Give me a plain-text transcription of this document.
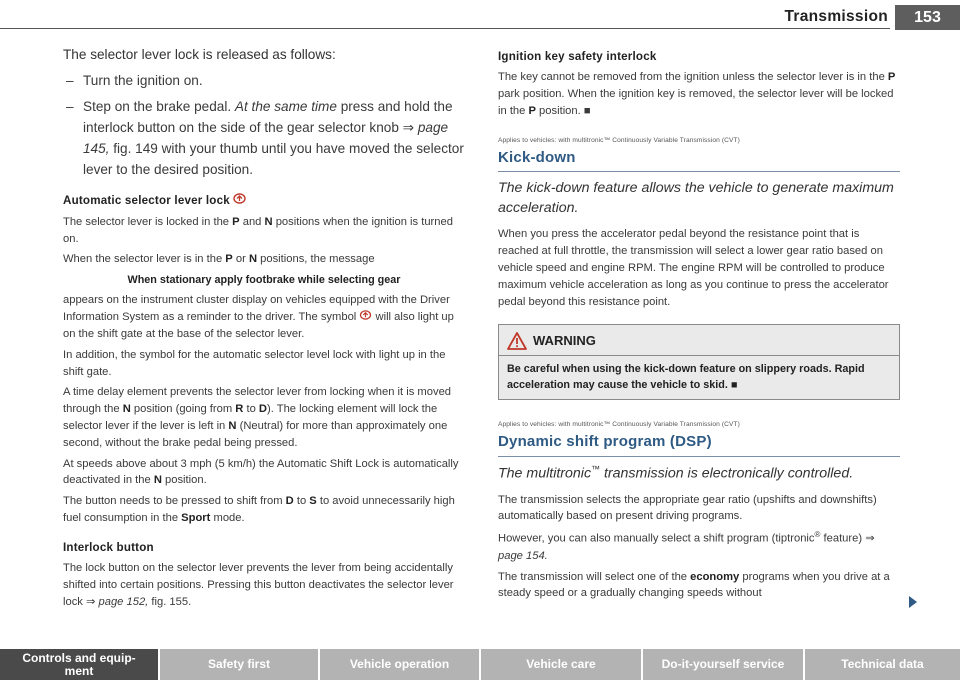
Transmission	153
The selector lever lock is released as follows:
– Turn the ignition on.
– Step on the brake pedal. At the same time press and hold the interlock button on the side of the gear selector knob ⇒ page 145, fig. 149 with your thumb until you have moved the selector lever to the desired position.
Automatic selector lever lock
The selector lever is locked in the P and N positions when the ignition is turned on.
When the selector lever is in the P or N positions, the message
When stationary apply footbrake while selecting gear
appears on the instrument cluster display on vehicles equipped with the Driver Information System as a reminder to the driver. The symbol  will also light up on the shift gate at the base of the selector lever.
In addition, the symbol for the automatic selector level lock with light up in the shift gate.
A time delay element prevents the selector lever from locking when it is moved through the N position (going from R to D). The locking element will lock the selector lever if the lever is left in N (Neutral) for more than approximately one second, without the brake pedal being pressed.
At speeds above about 3 mph (5 km/h) the Automatic Shift Lock is automatically deactivated in the N position.
The button needs to be pressed to shift from D to S to avoid unnecessarily high fuel consumption in the Sport mode.
Interlock button
The lock button on the selector lever prevents the lever from being accidentally shifted into certain positions. Pressing this button deactivates the selector lever lock ⇒ page 152, fig. 155.
Ignition key safety interlock
The key cannot be removed from the ignition unless the selector lever is in the P park position. When the ignition key is removed, the selector lever will be locked in the P position. ■
Applies to vehicles: with multitronic™ Continuously Variable Transmission (CVT)
Kick-down
The kick-down feature allows the vehicle to generate maximum acceleration.
When you press the accelerator pedal beyond the resistance point that is reached at full throttle, the transmission will select a lower gear ratio based on vehicle speed and engine RPM. The engine RPM will be controlled to produce maximum vehicle acceleration as long as you continue to press the accelerator pedal beyond this resistance point.
WARNING
Be careful when using the kick-down feature on slippery roads. Rapid acceleration may cause the vehicle to skid. ■
Applies to vehicles: with multitronic™ Continuously Variable Transmission (CVT)
Dynamic shift program (DSP)
The multitronic™ transmission is electronically controlled.
The transmission selects the appropriate gear ratio (upshifts and downshifts) automatically based on present driving programs.
However, you can also manually select a shift program (tiptronic® feature) ⇒ page 154.
The transmission will select one of the economy programs when you drive at a steady speed or a gradually changing speeds without
Controls and equip-
ment	Safety first	Vehicle operation	Vehicle care	Do-it-yourself service	Technical data
